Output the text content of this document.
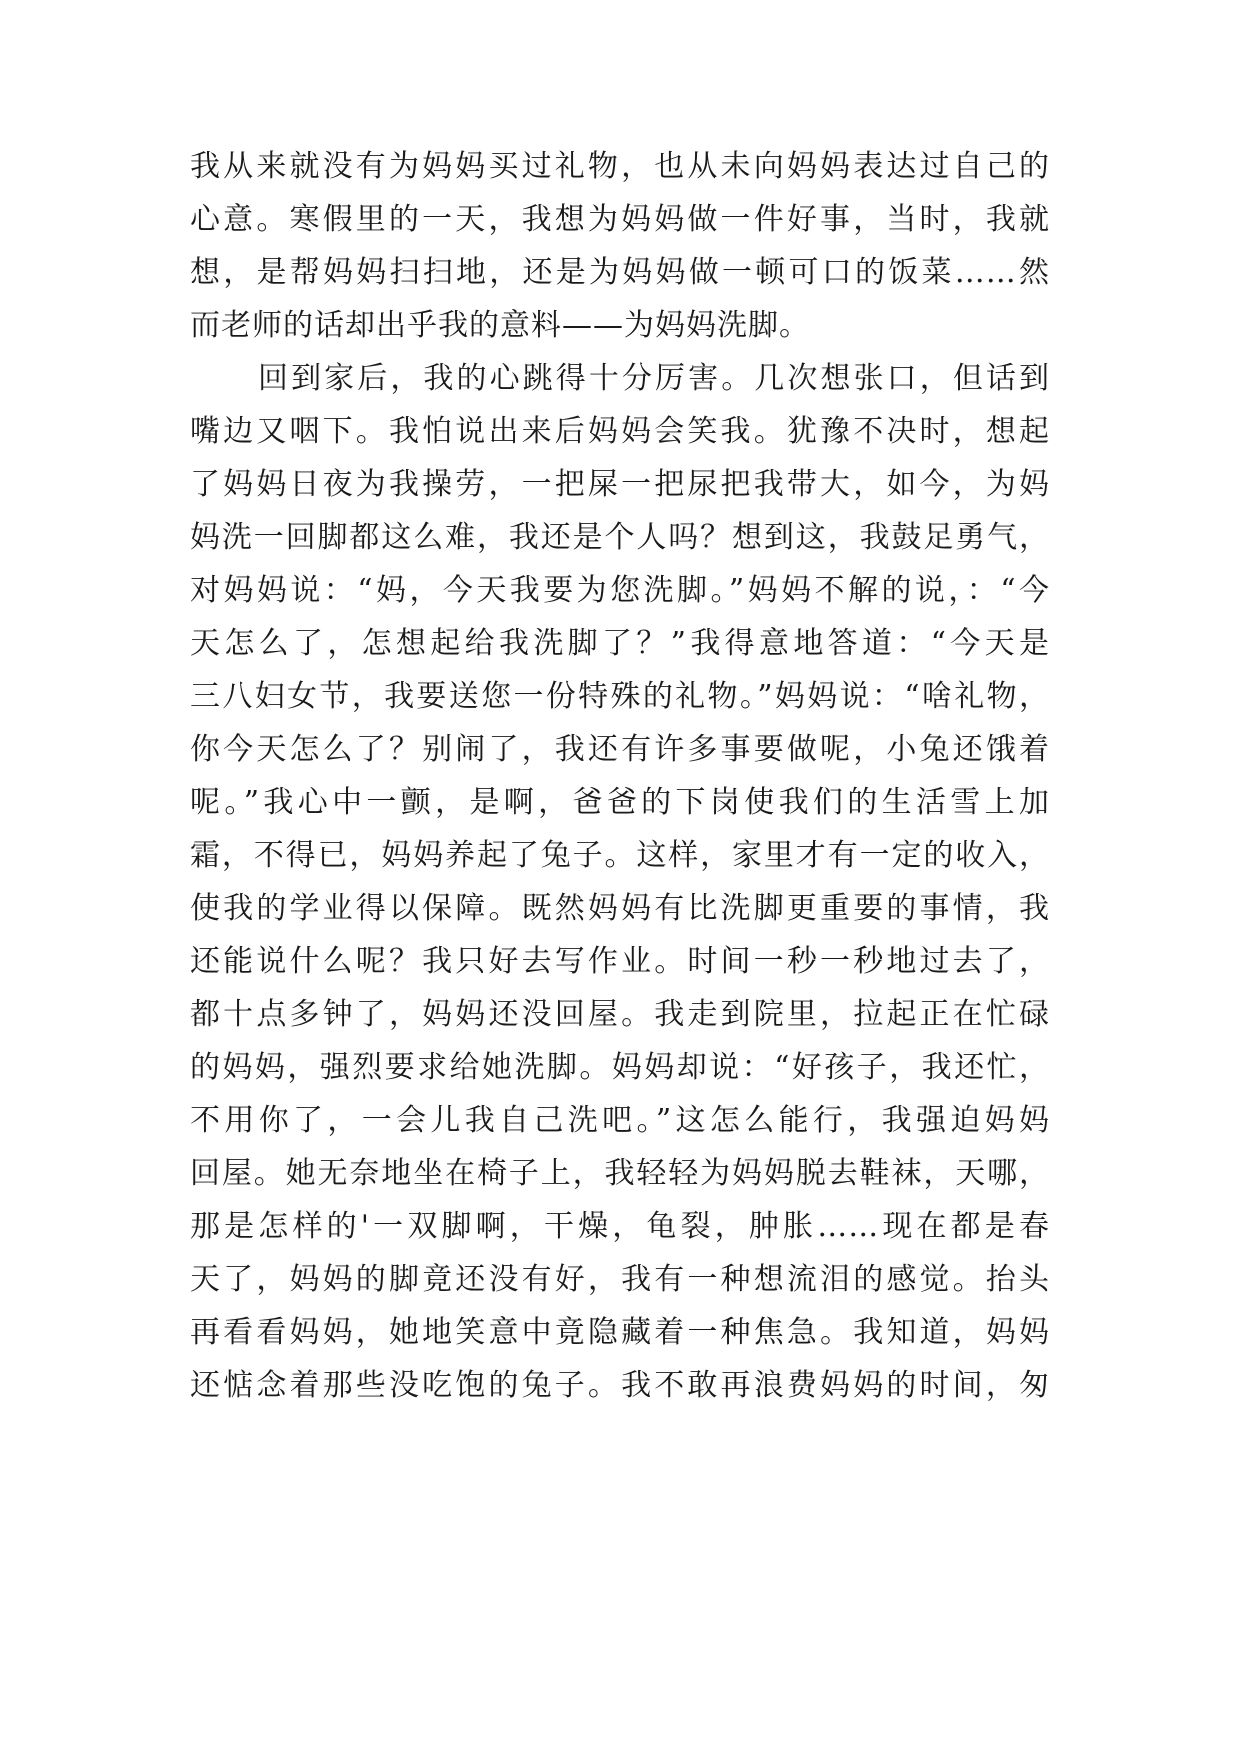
我从来就没有为妈妈买过礼物，也从未向妈妈表达过自己的
心意。寒假里的一天，我想为妈妈做一件好事，当时，我就
想，是帮妈妈扫扫地，还是为妈妈做一顿可口的饭菜……然
而老师的话却出乎我的意料——为妈妈洗脚。
回到家后，我的心跳得十分厉害。几次想张口，但话到
嘴边又咽下。我怕说出来后妈妈会笑我。犹豫不决时，想起
了妈妈日夜为我操劳，一把屎一把尿把我带大，如今，为妈
妈洗一回脚都这么难，我还是个人吗？想到这，我鼓足勇气，
对妈妈说：“妈，今天我要为您洗脚。”妈妈不解的说，：“今
天怎么了，怎想起给我洗脚了？”我得意地答道：“今天是
三八妇女节，我要送您一份特殊的礼物。”妈妈说：“啥礼物，
你今天怎么了？别闹了，我还有许多事要做呢，小兔还饿着
呢。”我心中一颤，是啊，爸爸的下岗使我们的生活雪上加
霜，不得已，妈妈养起了兔子。这样，家里才有一定的收入，
使我的学业得以保障。既然妈妈有比洗脚更重要的事情，我
还能说什么呢？我只好去写作业。时间一秒一秒地过去了，
都十点多钟了，妈妈还没回屋。我走到院里，拉起正在忙碌
的妈妈，强烈要求给她洗脚。妈妈却说：“好孩子，我还忙，
不用你了，一会儿我自己洗吧。”这怎么能行，我强迫妈妈
回屋。她无奈地坐在椅子上，我轻轻为妈妈脱去鞋袜，天哪，
那是怎样的'一双脚啊，干燥，龟裂，肿胀……现在都是春
天了，妈妈的脚竟还没有好，我有一种想流泪的感觉。抬头
再看看妈妈，她地笑意中竟隐藏着一种焦急。我知道，妈妈
还惦念着那些没吃饱的兔子。我不敢再浪费妈妈的时间，匆
